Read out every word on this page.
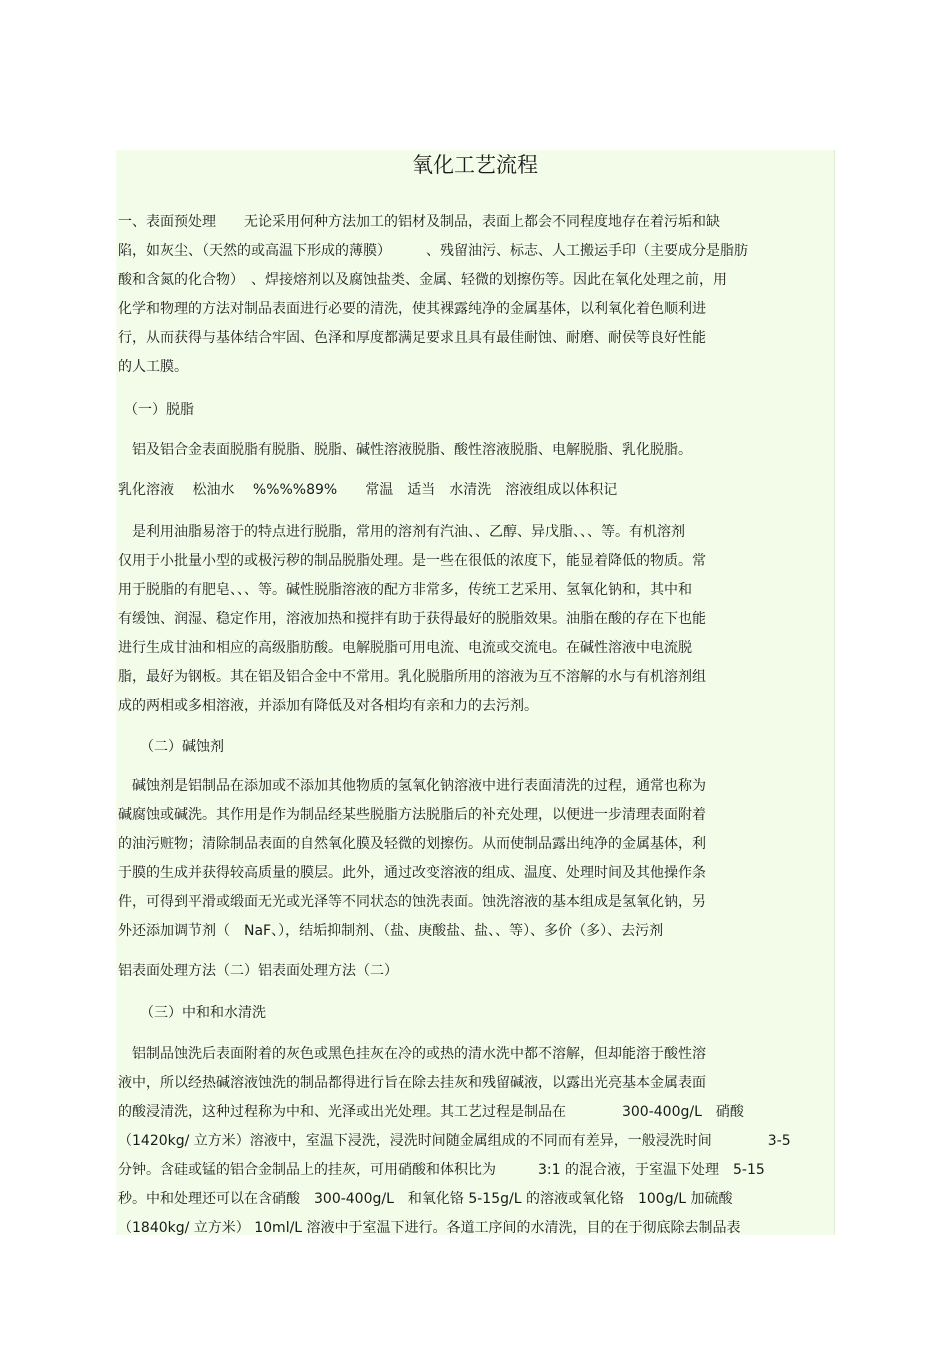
氧化工艺流程
一、表面预处理　　无论采用何种方法加工的铝材及制品，表面上都会不同程度地存在着污垢和缺
陷，如灰尘、（天然的或高温下形成的薄膜）　　　、残留油污、标志、人工搬运手印（主要成分是脂肪
酸和含氮的化合物）　、焊接熔剂以及腐蚀盐类、金属、轻微的划擦伤等。因此在氧化处理之前，用
化学和物理的方法对制品表面进行必要的清洗，使其裸露纯净的金属基体，以利氧化着色顺利进
行，从而获得与基体结合牢固、色泽和厚度都满足要求且具有最佳耐蚀、耐磨、耐侯等良好性能
的人工膜。
（一）脱脂
　铝及铝合金表面脱脂有脱脂、脱脂、碱性溶液脱脂、酸性溶液脱脂、电解脱脂、乳化脱脂。
乳化溶液　 松油水　 %%%%89%　　常温　适当　水清洗　溶液组成以体积记
　是利用油脂易溶于的特点进行脱脂，常用的溶剂有汽油、、乙醇、异戊脂、、、等。有机溶剂
仅用于小批量小型的或极污秽的制品脱脂处理。是一些在很低的浓度下，能显着降低的物质。常
用于脱脂的有肥皂、、、等。碱性脱脂溶液的配方非常多，传统工艺采用、氢氧化钠和，其中和
有缓蚀、润湿、稳定作用，溶液加热和搅拌有助于获得最好的脱脂效果。油脂在酸的存在下也能
进行生成甘油和相应的高级脂肪酸。电解脱脂可用电流、电流或交流电。在碱性溶液中电流脱
脂，最好为钢板。其在铝及铝合金中不常用。乳化脱脂所用的溶液为互不溶解的水与有机溶剂组
成的两相或多相溶液，并添加有降低及对各相均有亲和力的去污剂。
（二）碱蚀剂
　碱蚀剂是铝制品在添加或不添加其他物质的氢氧化钠溶液中进行表面清洗的过程，通常也称为
碱腐蚀或碱洗。其作用是作为制品经某些脱脂方法脱脂后的补充处理，以便进一步清理表面附着
的油污赃物；清除制品表面的自然氧化膜及轻微的划擦伤。从而使制品露出纯净的金属基体，利
于膜的生成并获得较高质量的膜层。此外，通过改变溶液的组成、温度、处理时间及其他操作条
件，可得到平滑或缎面无光或光泽等不同状态的蚀洗表面。蚀洗溶液的基本组成是氢氧化钠，另
外还添加调节剂（　NaF、），结垢抑制剂、（盐、庚酸盐、盐、、等）、多价（多）、去污剂
铝表面处理方法（二）铝表面处理方法（二）
（三）中和和水清洗
　铝制品蚀洗后表面附着的灰色或黑色挂灰在冷的或热的清水洗中都不溶解，但却能溶于酸性溶
液中，所以经热碱溶液蚀洗的制品都得进行旨在除去挂灰和残留碱液，以露出光亮基本金属表面
的酸浸清洗，这种过程称为中和、光泽或出光处理。其工艺过程是制品在　　　　300-400g/L　硝酸
（1420kg/ 立方米）溶液中，室温下浸洗，浸洗时间随金属组成的不同而有差异，一般浸洗时间　　　　3-5
分钟。含硅或锰的铝合金制品上的挂灰，可用硝酸和体积比为　　　3:1 的混合液，于室温下处理　5-15
秒。中和处理还可以在含硝酸　300-400g/L　和氧化铬 5-15g/L 的溶液或氧化铬　100g/L 加硫酸
（1840kg/ 立方米） 10ml/L 溶液中于室温下进行。各道工序间的水清洗，目的在于彻底除去制品表
